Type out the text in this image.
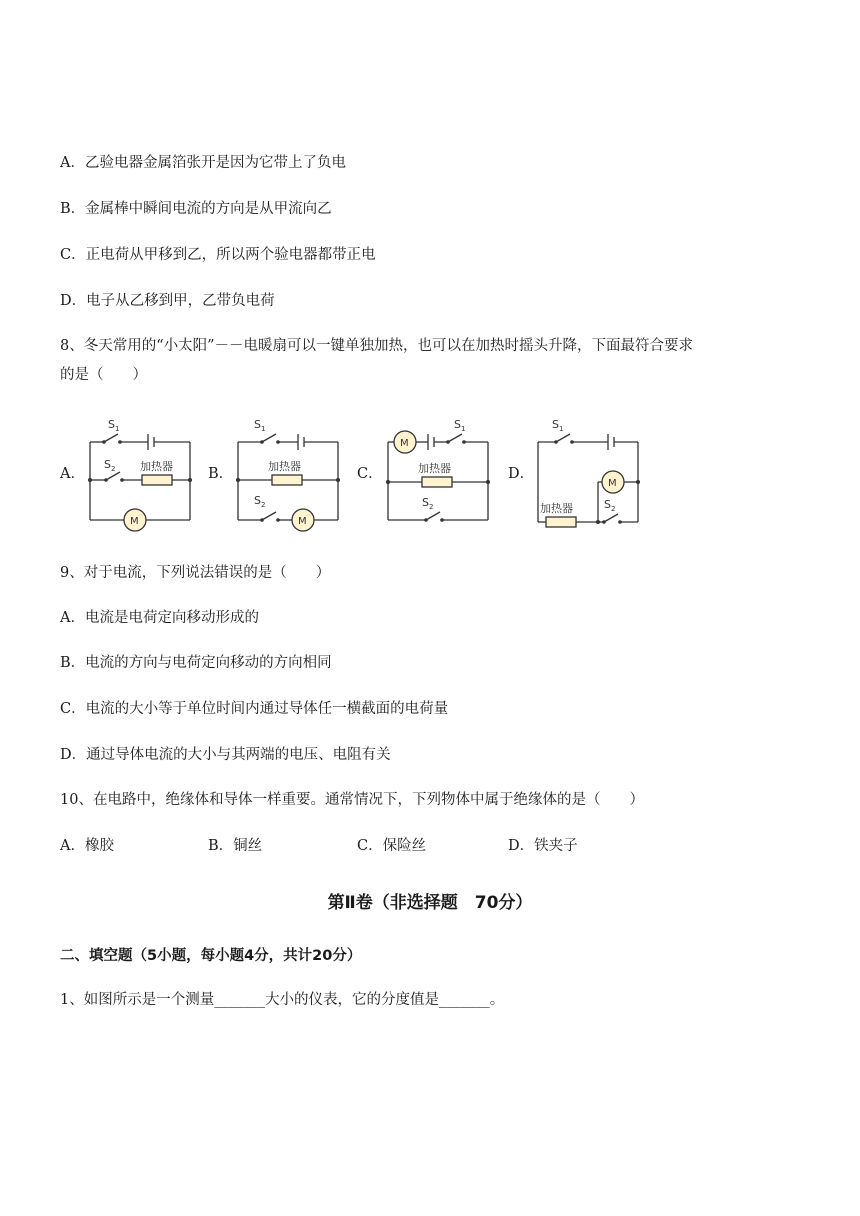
A．乙验电器金属箔张开是因为它带上了负电
B．金属棒中瞬间电流的方向是从甲流向乙
C．正电荷从甲移到乙，所以两个验电器都带正电
D．电子从乙移到甲，乙带负电荷
8、冬天常用的“小太阳”－－电暖扇可以一键单独加热，也可以在加热时摇头升降，下面最符合要求
的是（　　）
A．	B．	C．	D．
S 1
S 2 加热器
M
S 1
S 2
加热器
M
M
S 1
加热器
S 2
S 1
M
加热器	S 2
9、对于电流，下列说法错误的是（　　）
A．电流是电荷定向移动形成的
B．电流的方向与电荷定向移动的方向相同
C．电流的大小等于单位时间内通过导体任一横截面的电荷量
D．通过导体电流的大小与其两端的电压、电阻有关
10、在电路中，绝缘体和导体一样重要。通常情况下，下列物体中属于绝缘体的是（　　）
A．橡胶	B．铜丝	C．保险丝	D．铁夹子
第Ⅱ卷（非选择题　70分）
二、填空题（5小题，每小题4分，共计20分）
1、如图所示是一个测量_______大小的仪表，它的分度值是_______。
